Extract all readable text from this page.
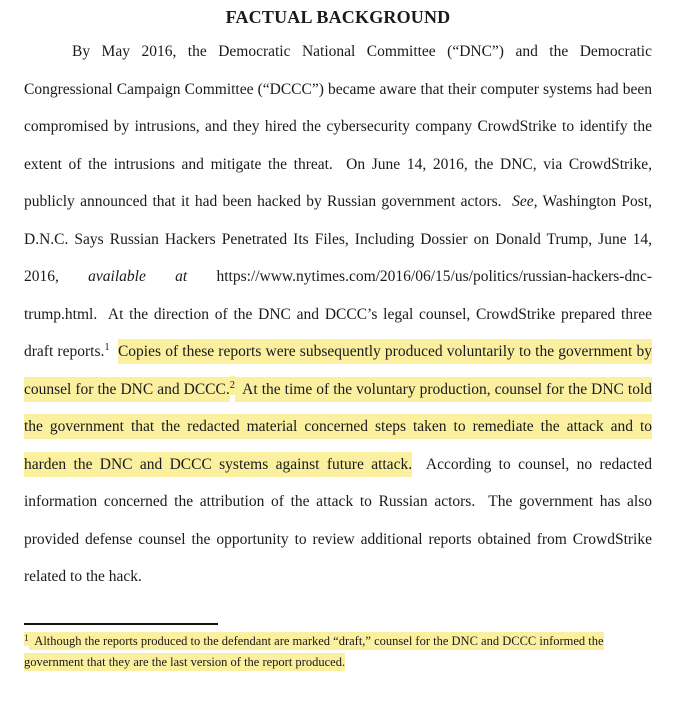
FACTUAL BACKGROUND

By May 2016, the Democratic National Committee (“DNC”) and the Democratic Congressional Campaign Committee (“DCCC”) became aware that their computer systems had been compromised by intrusions, and they hired the cybersecurity company CrowdStrike to identify the extent of the intrusions and mitigate the threat.  On June 14, 2016, the DNC, via CrowdStrike, publicly announced that it had been hacked by Russian government actors.  See, Washington Post, D.N.C. Says Russian Hackers Penetrated Its Files, Including Dossier on Donald Trump, June 14, 2016, available at https://www.nytimes.com/2016/06/15/us/politics/russian-hackers-dnc-trump.html.  At the direction of the DNC and DCCC’s legal counsel, CrowdStrike prepared three draft reports.$^1$ Copies of these reports were subsequently produced voluntarily to the government by counsel for the DNC and DCCC.$^2$  At the time of the voluntary production, counsel for the DNC told the government that the redacted material concerned steps taken to remediate the attack and to harden the DNC and DCCC systems against future attack.  According to counsel, no redacted information concerned the attribution of the attack to Russian actors.  The government has also provided defense counsel the opportunity to review additional reports obtained from CrowdStrike related to the hack.

$^1$  Although the reports produced to the defendant are marked “draft,” counsel for the DNC and DCCC informed the government that they are the last version of the report produced.
